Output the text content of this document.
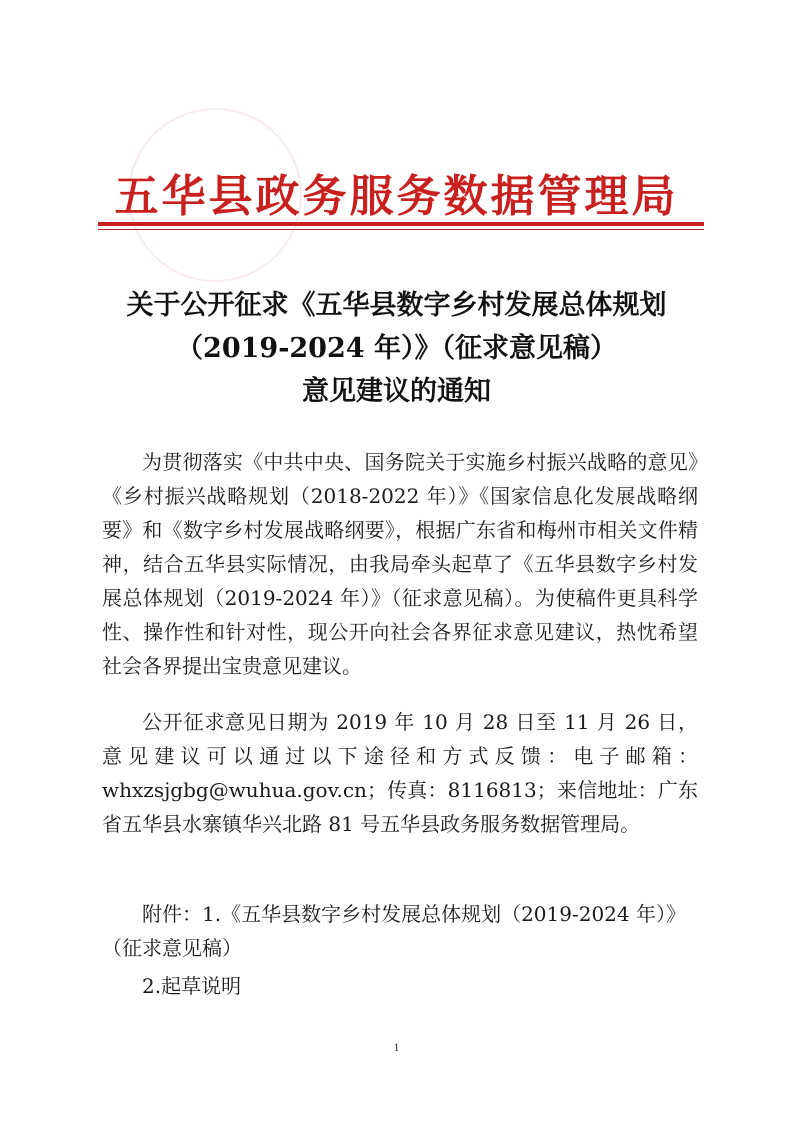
五华县政务服务数据管理局
关于公开征求《五华县数字乡村发展总体规划
（2019-2024 年）》（征求意见稿）
意见建议的通知

为贯彻落实《中共中央、国务院关于实施乡村振兴战略的意见》《乡村振兴战略规划（2018-2022 年）》《国家信息化发展战略纲要》和《数字乡村发展战略纲要》，根据广东省和梅州市相关文件精神，结合五华县实际情况，由我局牵头起草了《五华县数字乡村发展总体规划（2019-2024 年）》（征求意见稿）。为使稿件更具科学性、操作性和针对性，现公开向社会各界征求意见建议，热忱希望社会各界提出宝贵意见建议。

公开征求意见日期为 2019 年 10 月 28 日至 11 月 26 日，意见建议可以通过以下途径和方式反馈：电子邮箱：whxzsjgbg@wuhua.gov.cn；传真：8116813；来信地址：广东省五华县水寨镇华兴北路 81 号五华县政务服务数据管理局。

附件：1.《五华县数字乡村发展总体规划（2019-2024 年）》
（征求意见稿）
2.起草说明
1
